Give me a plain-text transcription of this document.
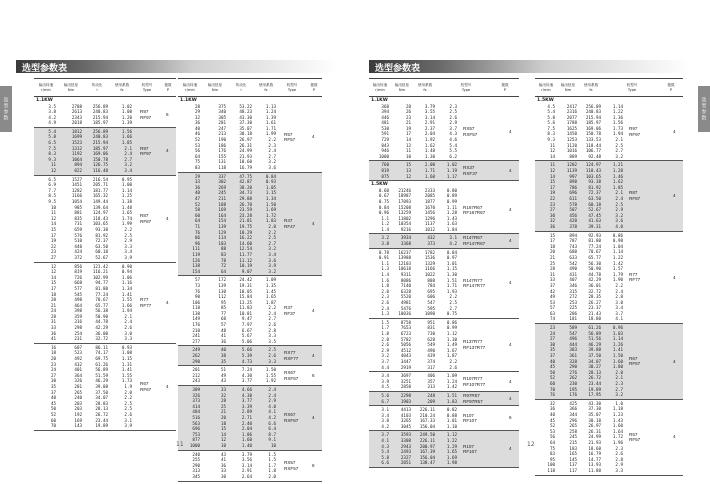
选型参数
选型参数表
输出转速
r/min
输出扭矩
Nm
传动比
i
使用系数
fs
机型号
Type
极数
P
1.1KW
3.5	2788	256.89	1.02
3.8	2613	240.83	1.08
4.2	2343	215.94	1.20
4.9	2018	185.97	1.39
R97
RF97
6
5.4	1812	256.89	1.56
5.8	1699	240.83	1.66
6.5	1523	215.94	1.85
7.5	1312	185.97	2.1
8.3	1192	169.06	2.4
9.3	1064	150.78	2.7
11	894	126.75	3.2
12	822	116.48	3.4
R97
RF97
4
6.5	1527	216.54	0.95
6.9	1451	205.71	1.00
7.7	1282	181.77	1.14
8.5	1166	165.32	1.25
9.5	1054	149.44	1.38
10	985	139.64	1.48
11	881	124.97	1.65
12	835	118.43	1.74
14	731	103.65	1.99
15	659	93.38	2.2
17	576	81.92	2.5
19	510	72.37	2.9
22	448	63.50	3.3
23	424	60.18	3.4
27	372	52.67	3.9
R87
RF87
4
12	856	121.42	0.90
12	819	116.21	0.94
14	726	102.99	1.06
15	668	94.77	1.16
17	577	81.80	1.34
18	545	77.24	1.41
20	498	70.67	1.55
21	464	65.77	1.66
24	398	56.38	1.94
28	359	50.90	2.1
31	316	44.78	2.4
33	298	42.29	2.6
36	254	36.00	3.0
41	231	32.72	3.3
R77
RF77
4
16	607	86.11	0.93
18	523	74.17	1.08
20	492	69.75	1.15
23	432	61.26	1.31
24	401	56.89	1.41
27	364	51.59	1.55
30	326	46.29	1.73
35	281	39.88	1.9
37	265	37.50	2.0
40	240	34.07	2.2
45	203	28.83	2.5
50	203	28.13	2.5
52	192	26.72	2.6
60	169	23.44	3.1
70	143	19.89	3.9
R67
RF67
4
输出转速
r/min
输出扭矩
Nm
传动比
i
使用系数
fs
机型号
Type
极数
P
1.1KW
28	375	53.22	1.13
29	340	48.23	1.24
32	305	43.30	1.39
36	281	37.30	1.61
40	247	35.07	1.71
46	213	30.18	1.99
52	190	26.97	2.2
53	186	26.31	2.3
56	176	24.99	2.4
64	155	21.93	2.7
75	131	18.60	3.2
83	118	16.79	3.6
R57
RF57
4
29	337	47.75	0.84
33	302	42.87	0.93
36	269	38.20	1.05
40	245	34.73	1.15
47	211	29.88	1.34
52	188	26.70	1.50
58	169	23.59	1.69
60	164	23.28	1.72
64	154	21.81	1.83
71	139	19.75	2.0
76	129	18.29	2.2
86	114	16.22	2.5
96	103	14.60	2.7
111	88	12.54	3.2
119	83	11.77	3.4
126	78	11.12	3.6
138	72	10.19	3.9
154	64	9.07	3.2
R47
RF47
4
57	172	24.42	1.09
73	139	19.31	1.35
76	130	18.05	1.45
90	112	15.84	1.65
106	95	13.25	1.87
118	85	11.83	2.2
130	77	10.81	2.4
149	68	9.47	2.7
176	57	7.97	2.6
210	48	6.67	2.8
241	41	5.67	3.3
277	36	5.06	3.5
R37
RF37
4
249	40	5.66	2.5
262	38	5.39	2.6
290	35	4.73	3.3
RX77
RXF77
4
201	51	7.24	1.50
212	49	4.30	1.55
243	43	3.77	1.92
RX67
RXF67
6
309	33	4.66	2.4
326	32	4.30	2.4
373	28	3.77	2.9
414	25	3.39	4.0
484	21	2.89	4.1
516	20	2.71	4.2
563	18	2.40	6.6
696	15	2.04	6.4
753	14	1.86	8.7
877	12	1.60	9.1
1000	10	1.40	10
RX67
RXF67
4
240	43	3.79	1.5
255	41	3.56	1.5
290	36	3.14	1.7
313	33	2.91	1.8
345	30	2.64	2.0
RX57
RXF57
6
11
选型参数
选型参数表
输出转速
r/min
输出扭矩
Nm
使用系数
fs
机型号
Type
极数
P
1.1KW
368	28	3.79	2.3
394	26	3.55	2.5
446	23	3.14	2.6
481	21	2.91	2.9
530	19	2.37	3.7
591	17	2.04	4.3
729	14	1.92	4.6
843	12	1.62	5.4
946	11	1.48	5.5
1000	10	1.30	6.2
RX57
RXF57
4
760	15	2.00	1.02
819	13	1.71	1.19
875	12	1.60	1.17
RX37
RXF37
4
1.5KW
0.60	21246	2333	0.80
0.67	18987	2085	0.89
0.75	17093	1877	0.99
0.84	15208	1670	1.11
0.96	13259	1456	1.28
1.1	11802	1296	1.43
1.2	10354	1137	1.63
1.4	9216	1012	1.84
R167R67
RF167R67
4
3.2	3934	432	3.1
3.8	3368	373	4.2
R147R67
RF147R67
4
0.78	16237	1782	0.84
0.91	13988	1536	0.97
1.1	12103	1329	1.01
1.3	10618	1166	1.15
1.4	9311	1022	1.30
1.6	8086	888	1.51
1.8	7140	784	1.71
2.0	6328	695	1.93
2.3	5520	606	2.2
2.6	4981	547	2.5
2.4	5476	595	2.7
1.3	10036	1090	0.75
R147R77
RF147R77
4
1.5	8758	951	0.86
1.7	7653	831	0.99
1.8	6723	730	1.12
2.0	5782	628	1.30
2.6	5056	549	1.49
2.9	4512	490	1.67
3.2	4043	439	1.87
3.7	3447	374	2.2
4.4	2919	317	2.6
R137R77
RF137R77
4
3.4	3697	406	1.09
3.9	3251	357	1.24
4.5	2850	313	1.42
R107R77
RF107R77
4
5.6	2298	248	1.51
6.7	1903	209	1.83
R97R57
RF97R57
4
3.1	4413	226.11	0.82
3.4	4103	210.24	0.88
3.8	3265	167.33	1.01
4.2	3045	156.04	1.10
R107
RF107
6
3.7	3593	249.50	1.12
4.1	3308	226.11	1.22
4.3	2943	200.97	1.29
5.4	2493	167.39	1.65
5.8	2327	156.04	1.69
6.6	2051	138.47	1.98
R107
RF107
4
输出转速
r/min
输出扭矩
Nm
使用系数
fs
机型号
Type
极数
P
1.5KW
4.5	2417	256.89	1.14
5.4	2316	240.83	1.22
5.8	2077	215.94	1.36
5.6	1788	185.97	1.56
7.5	1625	169.06	1.73
8.3	1450	150.78	1.94
9.3	1253	133.53	2.1
11	1120	118.44	2.5
12	1016	106.77	2.7
14	889	92.48	3.2
R97
RF97
4
11	1202	124.97	1.21
12	1139	118.43	1.28
14	997	103.65	1.46
15	898	93.38	1.62
17	786	81.92	1.85
19	696	72.37	2.1
22	611	63.50	2.4
23	578	60.18	2.5
27	507	52.67	2.9
30	456	47.45	3.2
32	420	41.63	3.6
36	378	39.31	4.0
R87
RF87
4
15	894	92.93	0.86
17	787	81.80	0.98
18	743	77.24	1.04
20	680	70.67	1.14
21	633	65.77	1.22
25	542	56.30	1.42
28	490	50.90	1.57
31	431	44.78	1.79
33	407	42.29	1.90
37	346	36.01	2.2
42	315	32.72	2.4
49	272	28.35	2.8
53	253	26.27	3.0
57	225	23.37	3.4
63	206	21.43	3.7
74	181	18.80	4.1
R77
RF77
4
23	589	61.26	0.96
24	547	56.89	1.03
27	496	51.56	1.14
30	444	46.29	1.26
35	383	39.88	1.41
37	361	37.50	1.50
40	328	34.07	1.60
45	290	30.27	1.80
50	276	28.13	2.0
52	262	26.72	2.1
60	230	23.44	2.3
70	195	19.89	2.7
76	176	17.95	3.2
R67
RF67
4
32	425	43.30	1.0
36	366	37.30	1.18
40	344	35.07	1.23
45	296	30.18	1.43
52	265	26.97	1.60
53	258	26.31	1.64
56	245	24.99	1.72
64	215	21.93	1.96
75	183	18.60	2.3
83	165	16.79	2.6
95	145	14.77	2.8
100	137	13.93	2.9
118	117	11.88	3.3
R57
RF57
4
12
